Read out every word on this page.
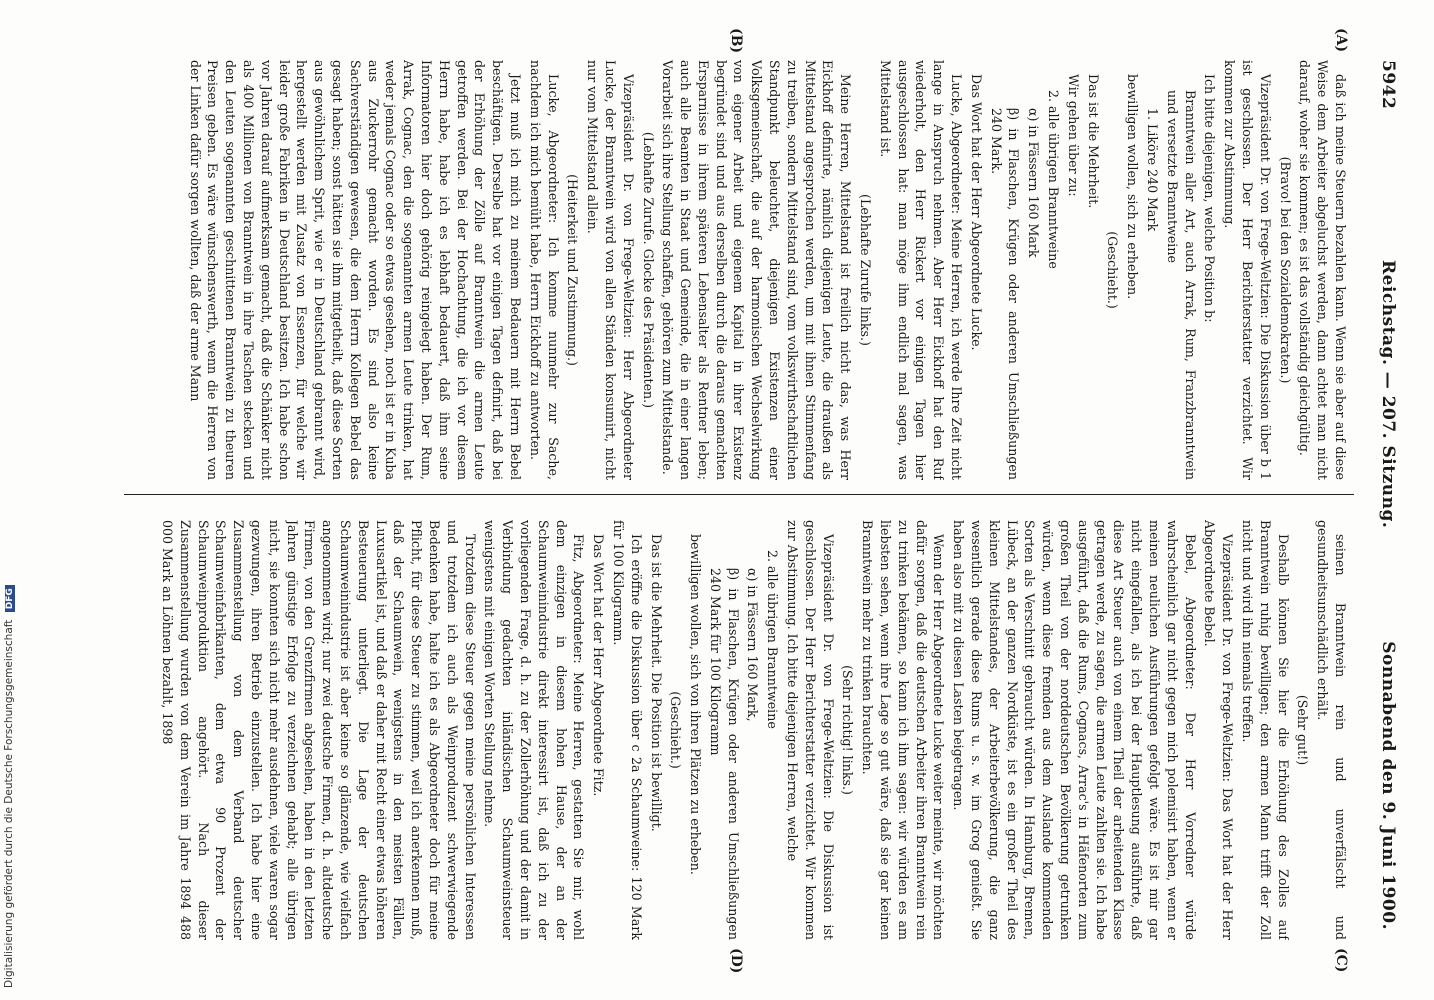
5942
Reichstag. — 207. Sitzung.
Sonnabend den 9. Juni 1900.
(A)
(B)
(C)
(D)

daß ich meine Steuern bezahlen kann. Wenn sie aber auf diese Weise dem Arbeiter abgeluchst werden, dann achtet man nicht darauf, woher sie kommen; es ist das vollständig gleichgültig.

(Bravo! bei den Sozialdemokraten.)

Vizepräsident Dr. von Frege-Weltzien: Die Diskussion über b 1 ist geschlossen. Der Herr Berichterstatter verzichtet. Wir kommen zur Abstimmung.

Ich bitte diejenigen, welche Position b:

Branntwein aller Art, auch Arrak, Rum, Franzbranntwein und versetzte Branntweine

1. Liköre 240 Mark

bewilligen wollen, sich zu erheben.

(Geschieht.)

Das ist die Mehrheit.

Wir gehen über zu:

2. alle übrigen Branntweine

α) in Fässern 160 Mark

β) in Flaschen, Krügen oder anderen Umschließungen 240 Mark.

Das Wort hat der Herr Abgeordnete Lucke.

Lucke, Abgeordneter: Meine Herren, ich werde Ihre Zeit nicht lange in Anspruch nehmen. Aber Herr Eickhoff hat den Ruf wiederholt, den Herr Rickert vor einigen Tagen hier ausgeschlossen hat: man möge ihm endlich mal sagen, was Mittelstand ist.

(Lebhafte Zurufe links.)

Meine Herren, Mittelstand ist freilich nicht das, was Herr Eickhoff definirte, nämlich diejenigen Leute, die draußen als Mittelstand angesprochen werden, um mit ihnen Stimmenfang zu treiben, sondern Mittelstand sind, vom volkswirthschaftlichen Standpunkt beleuchtet, diejenigen Existenzen einer Volksgemeinschaft, die auf der harmonischen Wechselwirkung von eigener Arbeit und eigenem Kapital in ihrer Existenz begründet sind und aus derselben durch die daraus gemachten Ersparnisse in ihrem späteren Lebensalter als Rentner leben; auch alle Beamten in Staat und Gemeinde, die in einer langen Vorarbeit sich ihre Stellung schaffen, gehören zum Mittelstande.

(Lebhafte Zurufe. Glocke des Präsidenten.)

Vizepräsident Dr. von Frege-Weltzien: Herr Abgeordneter Lucke, der Branntwein wird von allen Ständen konsumirt, nicht nur vom Mittelstand allein.

(Heiterkeit und Zustimmung.)

Lucke, Abgeordneter: Ich komme nunmehr zur Sache, nachdem ich mich bemüht habe, Herrn Eickhoff zu antworten.

Jetzt muß ich mich zu meinem Bedauern mit Herrn Bebel beschäftigen. Derselbe hat vor einigen Tagen definirt, daß bei der Erhöhung der Zölle auf Branntwein die armen Leute getroffen werden. Bei der Hochachtung, die ich vor diesem Herrn habe, habe ich es lebhaft bedauert, daß ihm seine Informatoren hier doch gehörig reingelegt haben. Der Rum, Arrak, Cognac, den die sogenannten armen Leute trinken, hat weder jemals Cognac oder so etwas gesehen, noch ist er in Kuba aus Zuckerrohr gemacht worden. Es sind also keine Sachverständigen gewesen, die dem Herrn Kollegen Bebel das gesagt haben; sonst hätten sie ihm mitgetheilt, daß diese Sorten aus gewöhnlichem Sprit, wie er in Deutschland gebrannt wird, hergestellt werden mit Zusatz von Essenzen, für welche wir leider große Fabriken in Deutschland besitzen. Ich habe schon vor Jahren darauf aufmerksam gemacht, daß die Schänker nicht als 400 Millionen von Branntwein in ihre Taschen stecken und den Leuten sogenannten geschnittenen Branntwein zu theuren Preisen geben. Es wäre wünschenswerth, wenn die Herren von der Linken dafür sorgen wollten, daß der arme Mann

seinen Branntwein rein und unverfälscht und gesundheitsunschädlich erhält.

(Sehr gut!)

Deshalb können Sie hier die Erhöhung des Zolles auf Branntwein ruhig bewilligen; den armen Mann trifft der Zoll nicht und wird ihn niemals treffen.

Vizepräsident Dr. von Frege-Weltzien: Das Wort hat der Herr Abgeordnete Bebel.

Bebel, Abgeordneter: Der Herr Vorredner würde wahrscheinlich gar nicht gegen mich polemisirt haben, wenn er meinen neulichen Ausführungen gefolgt wäre. Es ist mir gar nicht eingefallen, als ich bei der Hauptlesung ausführte, daß diese Art Steuer auch von einem Theil der arbeitenden Klasse getragen werde, zu sagen, die armen Leute zahlten sie. Ich habe ausgeführt, daß die Rums, Cognacs, Arrac's in Häfenorten zum großen Theil von der norddeutschen Bevölkerung getrunken würden, wenn diese fremden aus dem Auslande kommenden Sorten als Verschnitt gebraucht würden. In Hamburg, Bremen, Lübeck, an der ganzen Nordküste, ist es ein großer Theil des kleinen Mittelstandes, der Arbeiterbevölkerung, die ganz wesentlich gerade diese Rums u. s. w. im Grog genießt. Sie haben also mit zu diesen Lasten beigetragen.

Wenn der Herr Abgeordnete Lucke weiter meinte, wir möchten dafür sorgen, daß die deutschen Arbeiter ihren Branntwein rein zu trinken bekämen, so kann ich ihm sagen: wir würden es am liebsten sehen, wenn ihre Lage so gut wäre, daß sie gar keinen Branntwein mehr zu trinken brauchten.

(Sehr richtig! links.)

Vizepräsident Dr. von Frege-Weltzien: Die Diskussion ist geschlossen. Der Herr Berichterstatter verzichtet. Wir kommen zur Abstimmung. Ich bitte diejenigen Herren, welche

2. alle übrigen Branntweine

α) in Fässern 160 Mark,

β) in Flaschen, Krügen oder anderen Umschließungen 240 Mark für 100 Kilogramm

bewilligen wollen, sich von ihren Plätzen zu erheben.

(Geschieht.)

Das ist die Mehrheit. Die Position ist bewilligt.

Ich eröffne die Diskussion über c 2a Schaumweine: 120 Mark für 100 Kilogramm.

Das Wort hat der Herr Abgeordnete Fitz.

Fitz, Abgeordneter: Meine Herren, gestatten Sie mir, wohl dem einzigen in diesem hohen Hause, der an der Schaumweinindustrie direkt interessirt ist, daß ich zu der vorliegenden Frage, d. h. zu der Zollerhöhung und der damit in Verbindung gedachten inländischen Schaumweinsteuer wenigstens mit einigen Worten Stellung nehme.

Trotzdem diese Steuer gegen meine persönlichen Interessen und trotzdem ich auch als Weinproduzent schwerwiegende Bedenken habe, halte ich es als Abgeordneter doch für meine Pflicht, für diese Steuer zu stimmen, weil ich anerkennen muß, daß der Schaumwein, wenigstens in den meisten Fällen, Luxusartikel ist, und daß er daher mit Recht einer etwas höheren Besteuerung unterliegt. Die Lage der deutschen Schaumweinindustrie ist aber keine so glänzende, wie vielfach angenommen wird; nur zwei deutsche Firmen, d. h. altdeutsche Firmen, von den Grenzfirmen abgesehen, haben in den letzten Jahren günstige Erfolge zu verzeichnen gehabt; alle übrigen nicht, sie konnten sich nicht mehr ausdehnen, viele waren sogar gezwungen, ihren Betrieb einzustellen. Ich habe hier eine Zusammenstellung von dem Verband deutscher Schaumweinfabrikanten, dem etwa 90 Prozent der Schaumweinproduktion angehört. Nach dieser Zusammenstellung wurden von dem Verein im Jahre 1894 488 000 Mark an Löhnen bezahlt, 1898

Digitalisierung gefördert durch die Deutsche Forschungsgemeinschaft DFG
